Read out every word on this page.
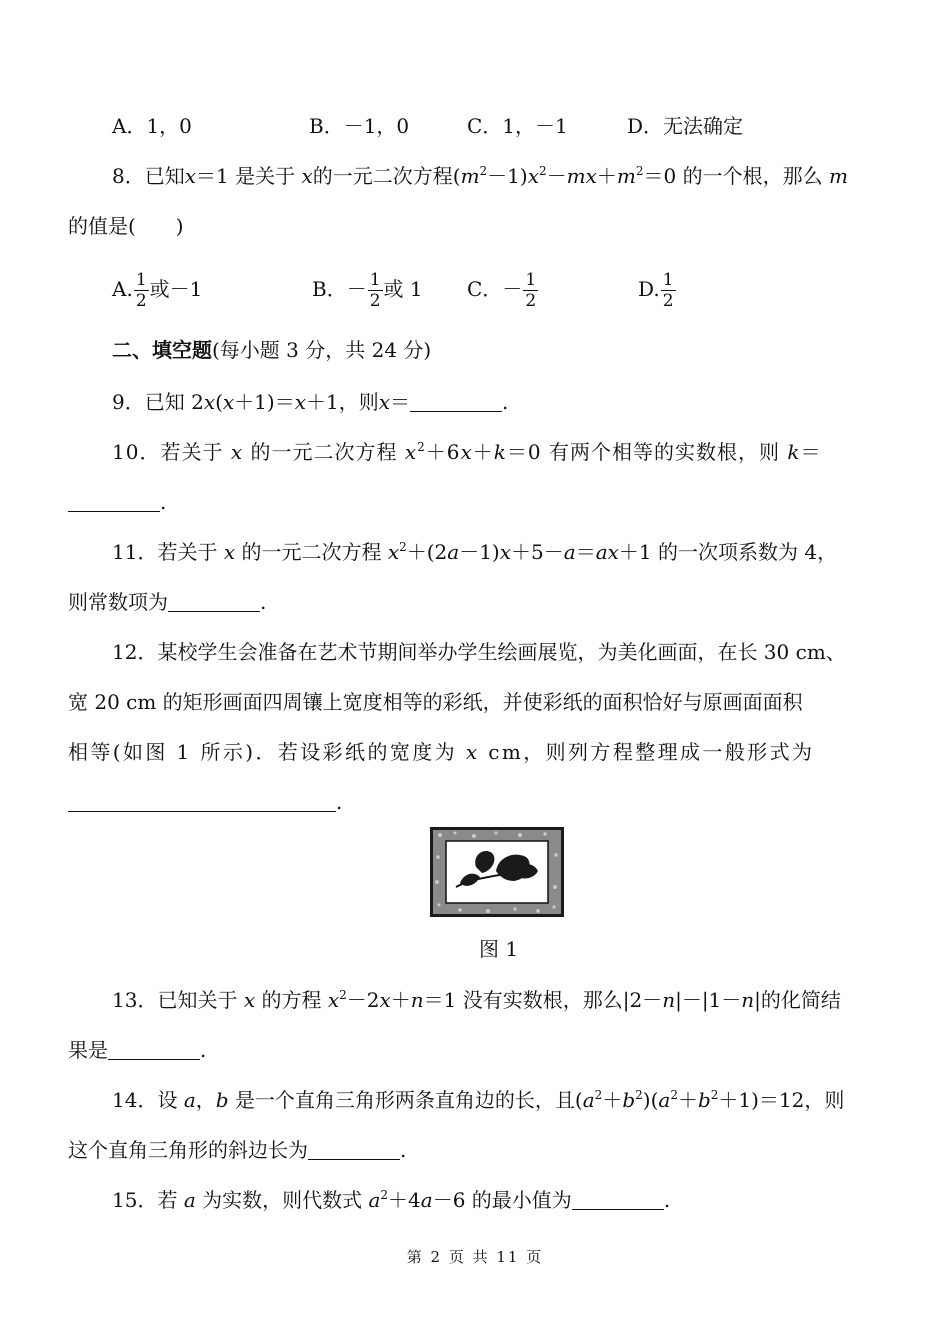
A．1，0	B．－1，0	C．1，－1	D．无法确定
8．已知x＝1 是关于 x的一元二次方程$(m^2-1)x^2-mx+m^2=0$ 的一个根，那么 m
的值是(　　)
A. $\frac{1}{2}$ 或－1	B．－ $\frac{1}{2}$ 或 1 C．－ $\frac{1}{2}$	D. $\frac{1}{2}$
二、填空题(每小题 3 分，共 24 分)
9．已知 2x(x＋1)＝x＋1，则x＝	.
10．若关于 x 的一元二次方程 $x^2+6x+k=0$ 有两个相等的实数根，则 k＝
.
11．若关于 x 的一元二次方程 $x^2+(2a-1)x+5-a=ax+1$ 的一次项系数为 4，
则常数项为	.
12．某校学生会准备在艺术节期间举办学生绘画展览，为美化画面，在长 30 cm、
宽 20 cm 的矩形画面四周镶上宽度相等的彩纸，并使彩纸的面积恰好与原画面面积
相等(如图 1 所示)．若设彩纸的宽度为 x cm，则列方程整理成一般形式为
.
图 1
13．已知关于 x 的方程 $x^2-2x+n=1$ 没有实数根，那么|2－n|－|1－n|的化简结
果是	.
14．设 a，b 是一个直角三角形两条直角边的长，且$(a^2+b^2)(a^2+b^2+1)=12$，则
这个直角三角形的斜边长为	.
15．若 a 为实数，则代数式 $a^2+4a-6$ 的最小值为	.
第 2 页 共 11 页
